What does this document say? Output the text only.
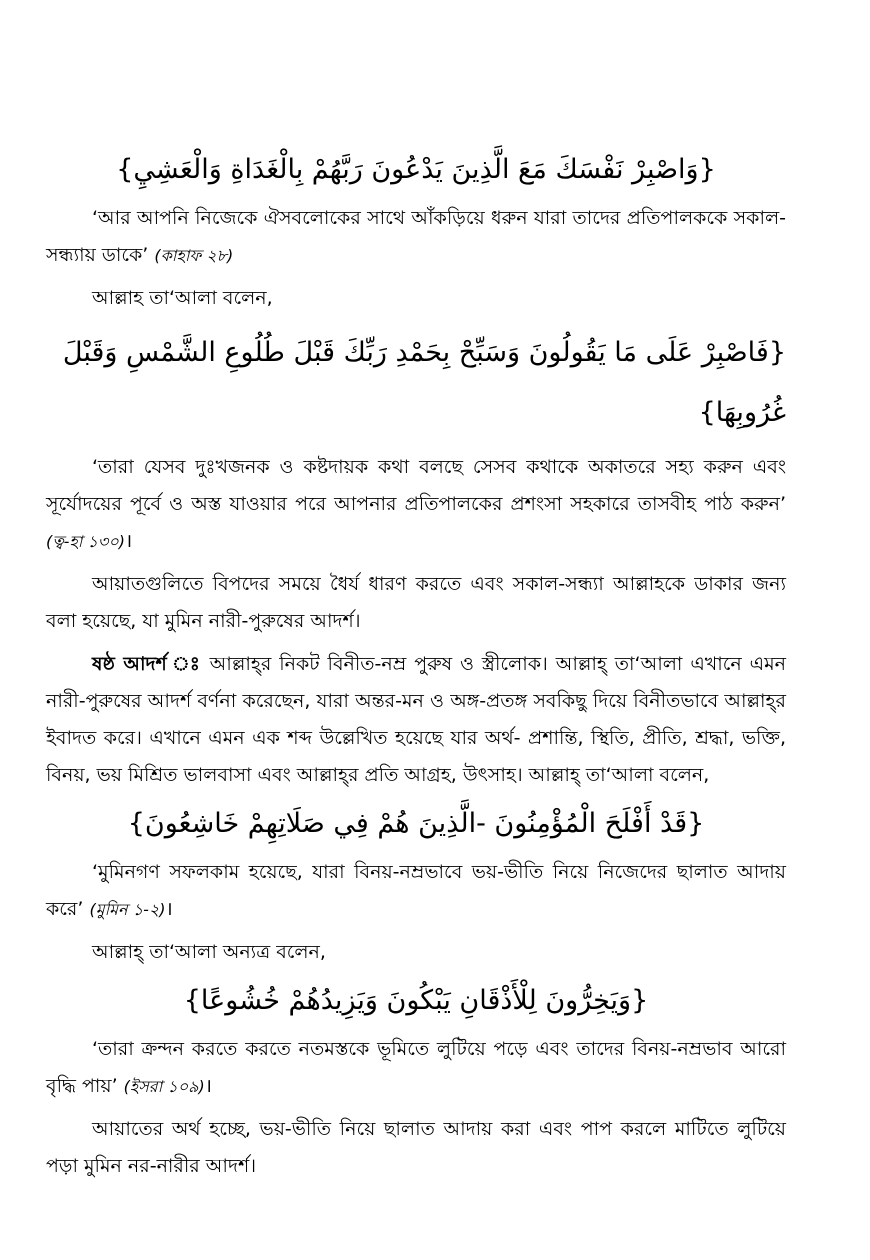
{وَاصْبِرْ نَفْسَكَ مَعَ الَّذِينَ يَدْعُونَ رَبَّهُمْ بِالْغَدَاةِ وَالْعَشِيِ}

‘আর আপনি নিজেকে ঐসবলোকের সাথে আঁকড়িয়ে ধরুন যারা তাদের প্রতিপালককে সকাল-সন্ধ্যায় ডাকে’ (কাহাফ ২৮)

আল্লাহ তা‘আলা বলেন,

{فَاصْبِرْ عَلَى مَا يَقُولُونَ وَسَبِّحْ بِحَمْدِ رَبِّكَ قَبْلَ طُلُوعِ الشَّمْسِ وَقَبْلَ

غُرُوبِهَا}

‘তারা যেসব দুঃখজনক ও কষ্টদায়ক কথা বলছে সেসব কথাকে অকাতরে সহ্য করুন এবং সূর্যোদয়ের পূর্বে ও অস্ত যাওয়ার পরে আপনার প্রতিপালকের প্রশংসা সহকারে তাসবীহ পাঠ করুন’ (ত্ব-হা ১৩০)।

আয়াতগুলিতে বিপদের সময়ে ধৈর্য ধারণ করতে এবং সকাল-সন্ধ্যা আল্লাহকে ডাকার জন্য বলা হয়েছে, যা মুমিন নারী-পুরুষের আদর্শ।

ষষ্ঠ আদর্শ ঃ আল্লাহ্‌র নিকট বিনীত-নম্র পুরুষ ও স্ত্রীলোক। আল্লাহ্ তা‘আলা এখানে এমন নারী-পুরুষের আদর্শ বর্ণনা করেছেন, যারা অন্তর-মন ও অঙ্গ-প্রতঙ্গ সবকিছু দিয়ে বিনীতভাবে আল্লাহ্‌র ইবাদত করে। এখানে এমন এক শব্দ উল্লেখিত হয়েছে যার অর্থ- প্রশান্তি, স্থিতি, প্রীতি, শ্রদ্ধা, ভক্তি, বিনয়, ভয় মিশ্রিত ভালবাসা এবং আল্লাহ্‌র প্রতি আগ্রহ, উৎসাহ। আল্লাহ্ তা‘আলা বলেন,

{قَدْ أَفْلَحَ الْمُؤْمِنُونَ -الَّذِينَ هُمْ فِي صَلَاتِهِمْ خَاشِعُونَ}

‘মুমিনগণ সফলকাম হয়েছে, যারা বিনয়-নম্রভাবে ভয়-ভীতি নিয়ে নিজেদের ছালাত আদায় করে’ (মুমিন ১-২)।

আল্লাহ্ তা‘আলা অন্যত্র বলেন,

{وَيَخِرُّونَ لِلْأَذْقَانِ يَبْكُونَ وَيَزِيدُهُمْ خُشُوعًا}

‘তারা ক্রন্দন করতে করতে নতমস্তকে ভূমিতে লুটিয়ে পড়ে এবং তাদের বিনয়-নম্রভাব আরো বৃদ্ধি পায়’ (ইসরা ১০৯)।

আয়াতের অর্থ হচ্ছে, ভয়-ভীতি নিয়ে ছালাত আদায় করা এবং পাপ করলে মাটিতে লুটিয়ে পড়া মুমিন নর-নারীর আদর্শ।
